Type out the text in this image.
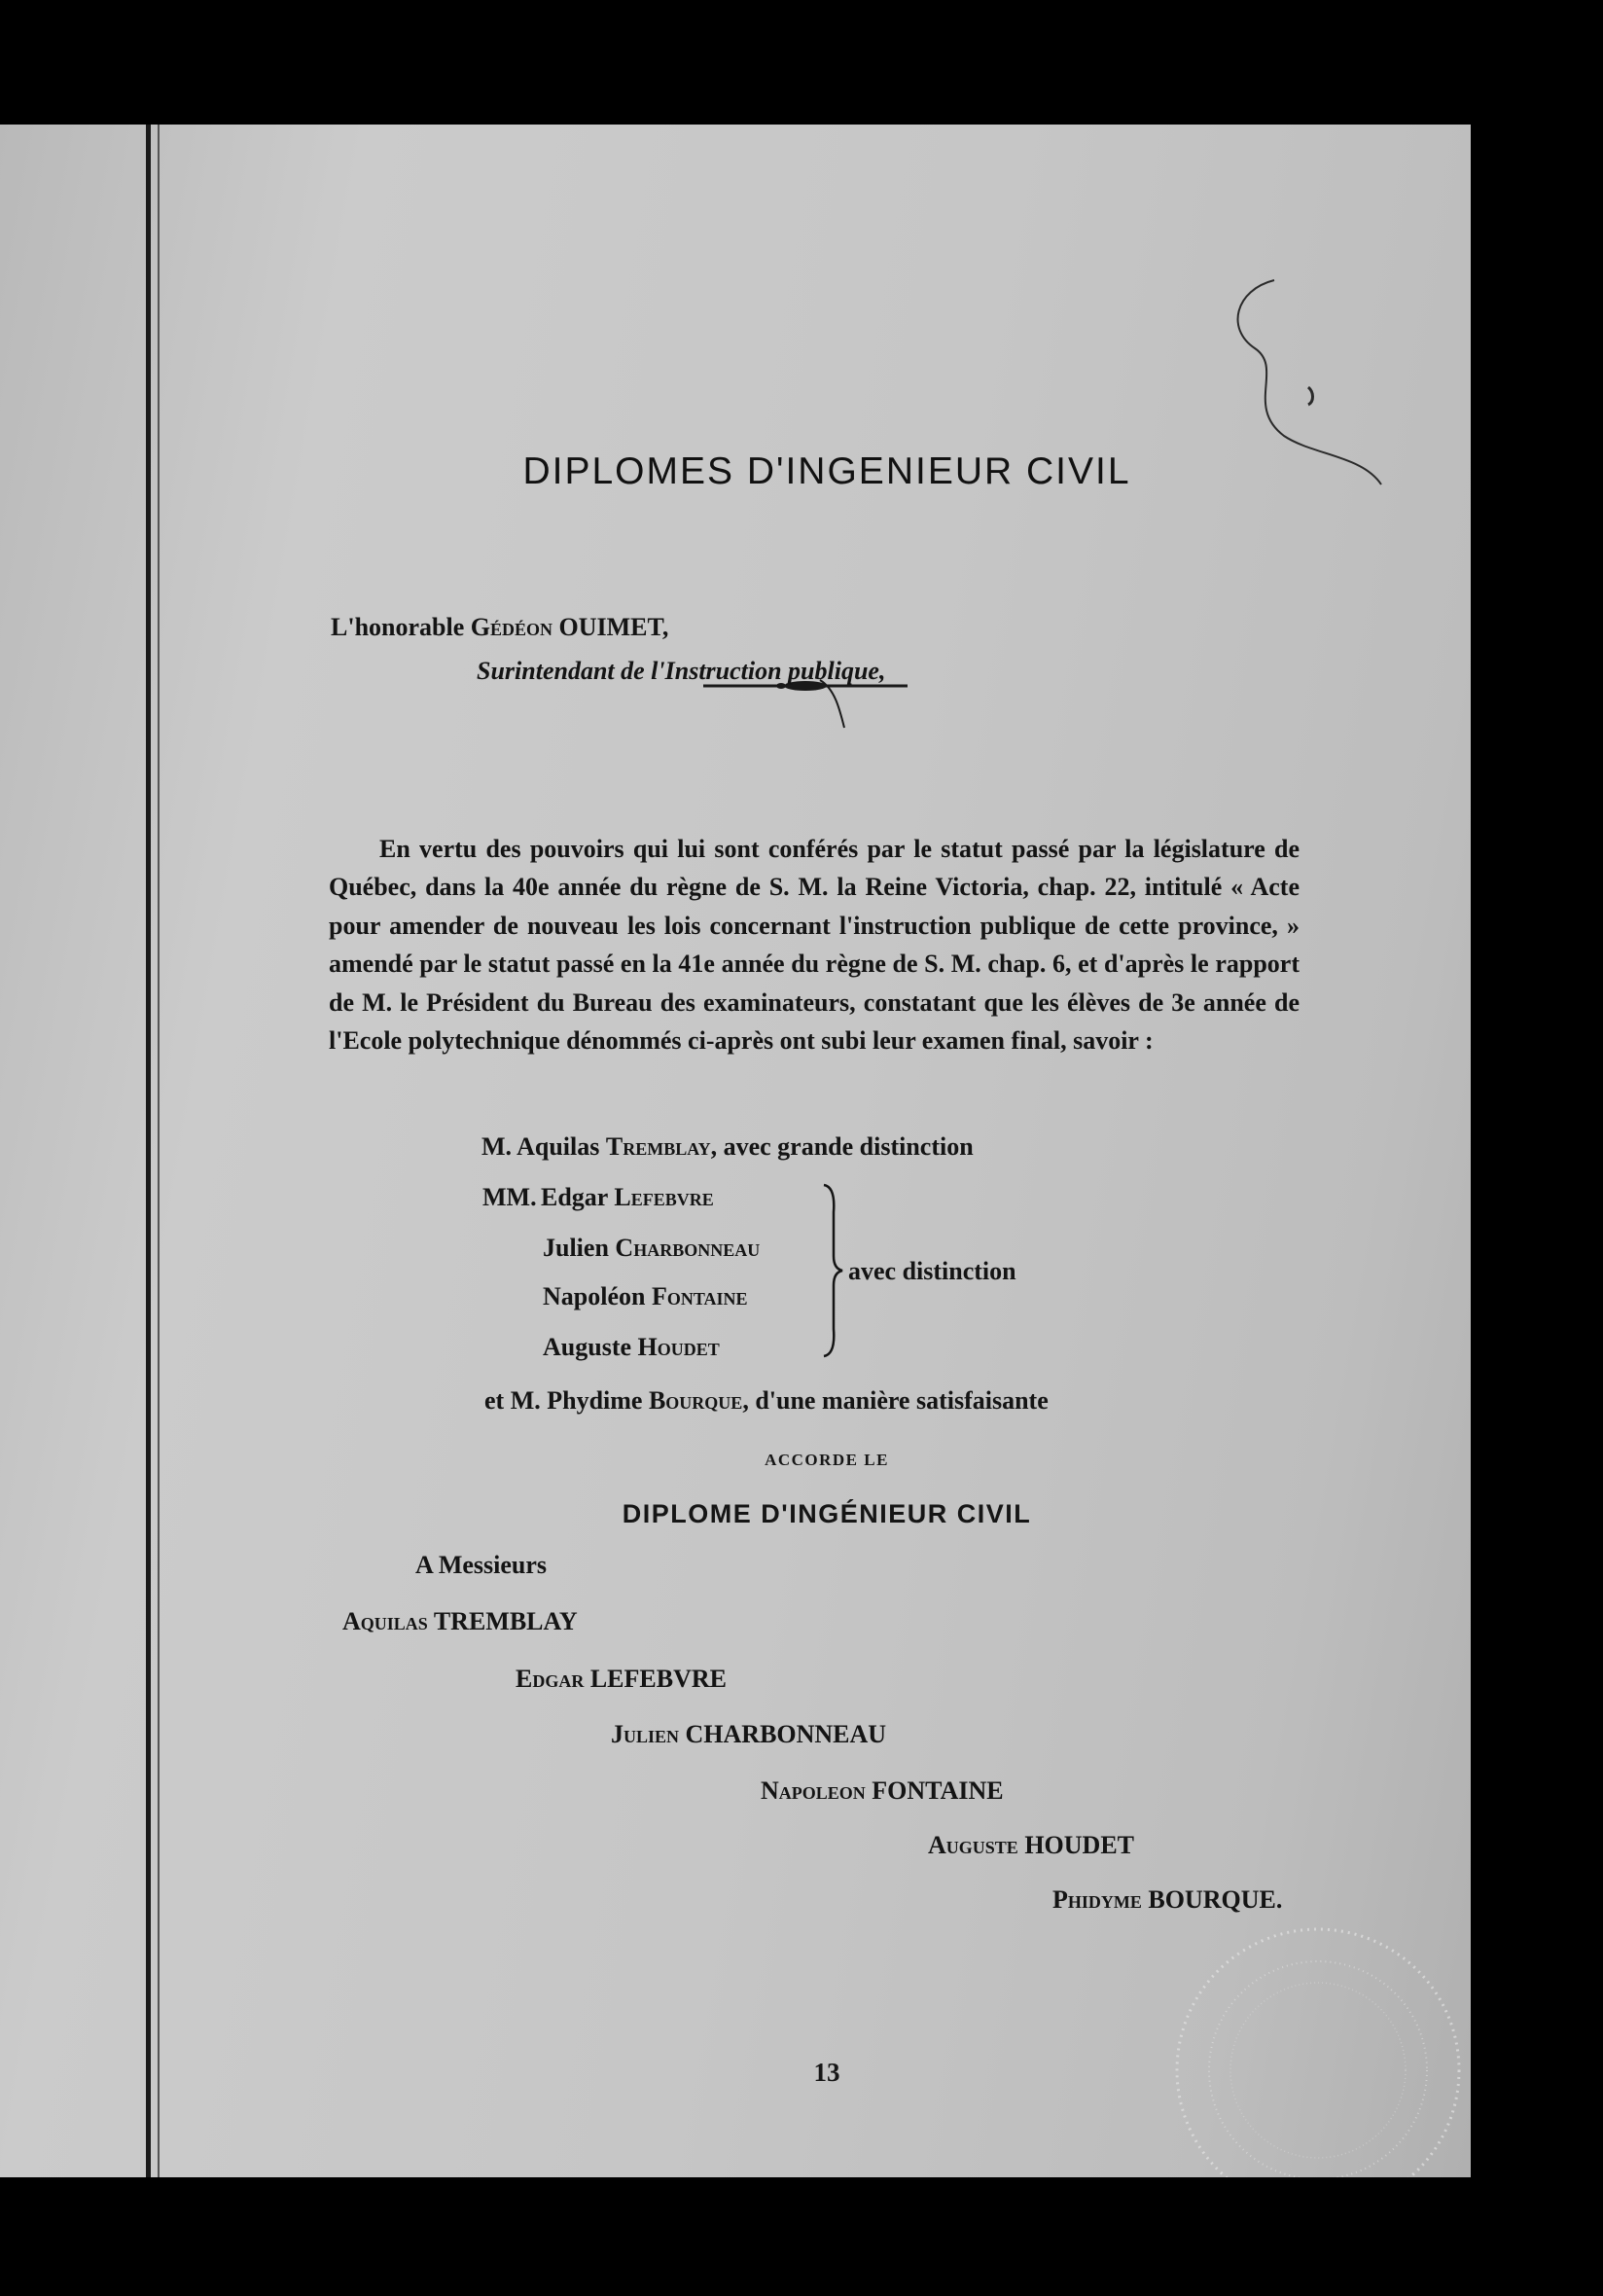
DIPLOMES D'INGENIEUR CIVIL
L'honorable Gédéon OUIMET,
Surintendant de l'Instruction publique,
En vertu des pouvoirs qui lui sont conférés par le statut passé par la législature de Québec, dans la 40e année du règne de S. M. la Reine Victoria, chap. 22, intitulé « Acte pour amender de nouveau les lois concernant l'instruction publique de cette province, » amendé par le statut passé en la 41e année du règne de S. M. chap. 6, et d'après le rapport de M. le Président du Bureau des examinateurs, constatant que les élèves de 3e année de l'Ecole polytechnique dénommés ci-après ont subi leur examen final, savoir :
M. Aquilas Tremblay, avec grande distinction
MM. Edgar Lefebvre
Julien Charbonneau
Napoléon Fontaine
Auguste Houdet
avec distinction
et M. Phydime Bourque, d'une manière satisfaisante
ACCORDE LE
DIPLOME D'INGÉNIEUR CIVIL
A Messieurs
Aquilas TREMBLAY
Edgar LEFEBVRE
Julien CHARBONNEAU
Napoleon FONTAINE
Auguste HOUDET
Phidyme BOURQUE.
13
